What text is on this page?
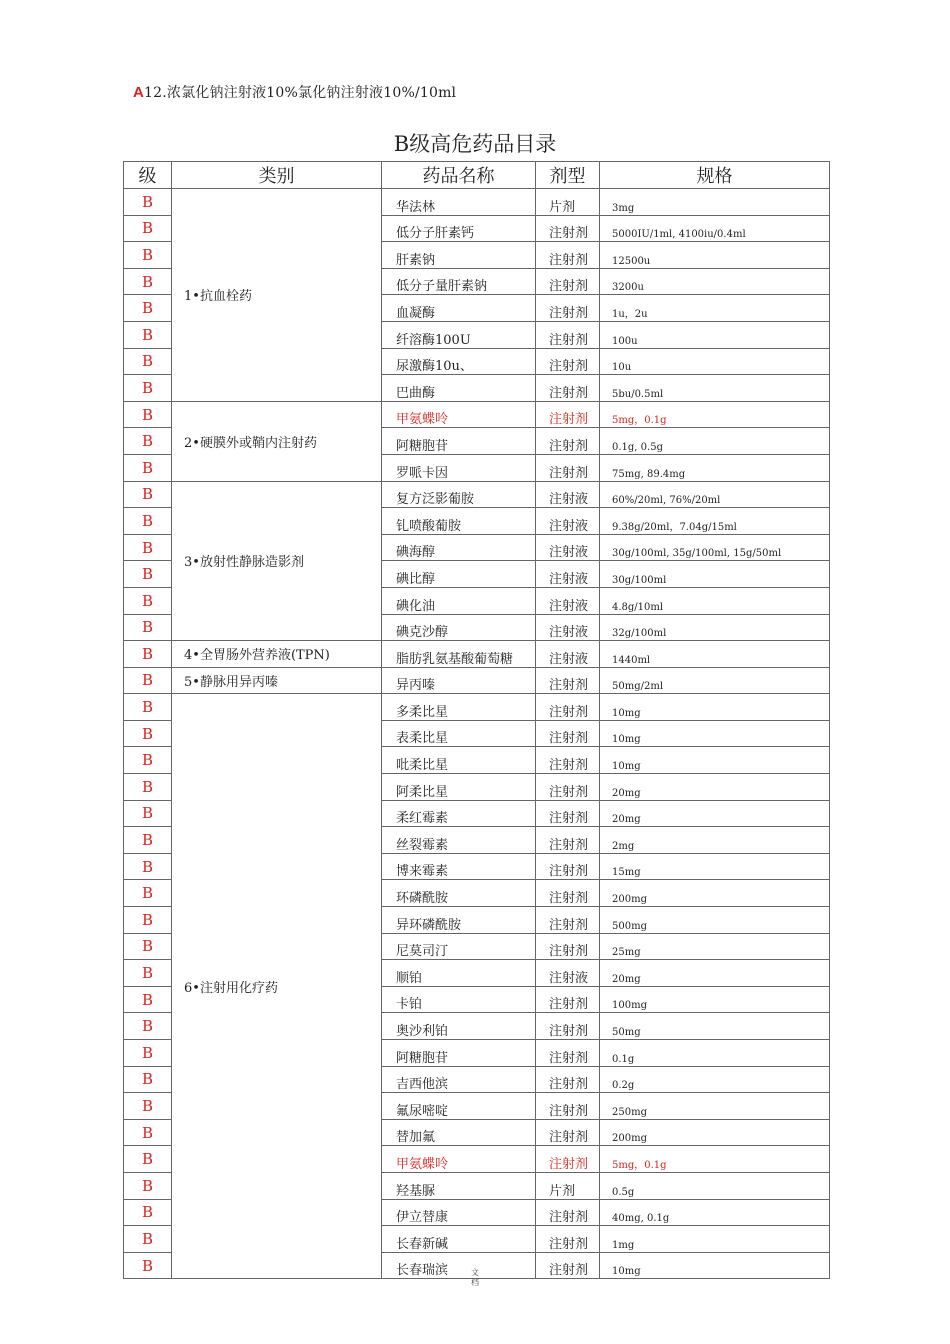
A12.浓氯化钠注射液10%氯化钠注射液10%/10ml
B级高危药品目录
级	类别	药品名称	剂型	规格
B	1•抗血栓药	华法林	片剂	3mg
B		低分子肝素钙	注射剂	5000IU/1ml, 4100iu/0.4ml
B		肝素钠	注射剂	12500u
B		低分子量肝素钠	注射剂	3200u
B		血凝酶	注射剂	1u，2u
B		纤溶酶100U	注射剂	100u
B		尿激酶10u、	注射剂	10u
B		巴曲酶	注射剂	5bu/0.5ml
B	2•硬膜外或鞘内注射药	甲氨蝶呤	注射剂	5mg，0.1g
B		阿糖胞苷	注射剂	0.1g, 0.5g
B		罗哌卡因	注射剂	75mg, 89.4mg
B	3•放射性静脉造影剂	复方泛影葡胺	注射液	60%/20ml, 76%/20ml
B		钆喷酸葡胺	注射液	9.38g/20ml，7.04g/15ml
B		碘海醇	注射液	30g/100ml, 35g/100ml, 15g/50ml
B		碘比醇	注射液	30g/100ml
B		碘化油	注射液	4.8g/10ml
B		碘克沙醇	注射液	32g/100ml
B	4•全胃肠外营养液(TPN)	脂肪乳氨基酸葡萄糖	注射液	1440ml
B	5•静脉用异丙嗪	异丙嗪	注射剂	50mg/2ml
B	6•注射用化疗药	多柔比星	注射剂	10mg
B		表柔比星	注射剂	10mg
B		吡柔比星	注射剂	10mg
B		阿柔比星	注射剂	20mg
B		柔红霉素	注射剂	20mg
B		丝裂霉素	注射剂	2mg
B		博来霉素	注射剂	15mg
B		环磷酰胺	注射剂	200mg
B		异环磷酰胺	注射剂	500mg
B		尼莫司汀	注射剂	25mg
B		顺铂	注射液	20mg
B		卡铂	注射剂	100mg
B		奥沙利铂	注射剂	50mg
B		阿糖胞苷	注射剂	0.1g
B		吉西他滨	注射剂	0.2g
B		氟尿嘧啶	注射剂	250mg
B		替加氟	注射剂	200mg
B		甲氨蝶呤	注射剂	5mg，0.1g
B		羟基脲	片剂	0.5g
B		伊立替康	注射剂	40mg, 0.1g
B		长春新碱	注射剂	1mg
B		长春瑞滨	注射剂	10mg
文
档
